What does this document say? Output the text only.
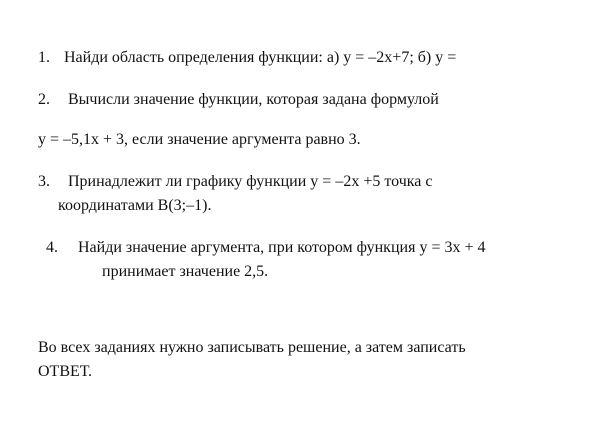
1. Найди область определения функции: а) y = –2x+7; б) y =
2. Вычисли значение функции, которая задана формулой
y = –5,1x + 3, если значение аргумента равно 3.
3. Принадлежит ли графику функции y = –2x +5 точка с
координатами B(3;–1).
4. Найди значение аргумента, при котором функция y = 3x + 4
принимает значение 2,5.
Во всех заданиях нужно записывать решение, а затем записать
ОТВЕТ.
